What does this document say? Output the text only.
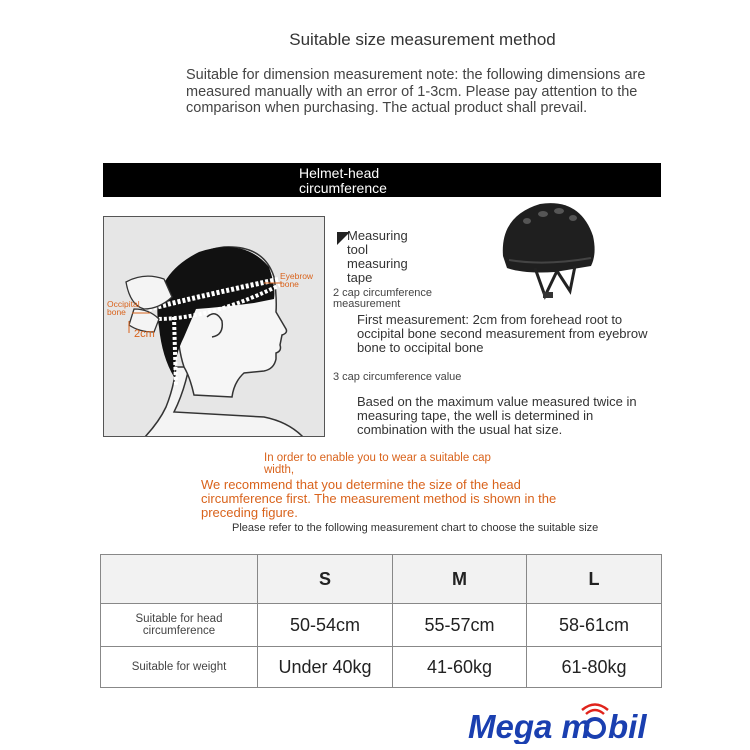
Suitable size measurement method
Suitable for dimension measurement note: the following dimensions are measured manually with an error of 1-3cm. Please pay attention to the comparison when purchasing. The actual product shall prevail.
Helmet-head circumference
Eyebrow bone
Occipital bone
2cm
Measuring tool measuring tape
2 cap circumference measurement
First measurement: 2cm from forehead root to occipital bone second measurement from eyebrow bone to occipital bone
3 cap circumference value
Based on the maximum value measured twice in measuring tape, the well is determined in combination with the usual hat size.
In order to enable you to wear a suitable cap width,
We recommend that you determine the size of the head circumference first. The measurement method is shown in the preceding figure.
Please refer to the following measurement chart to choose the suitable size
	S	M	L
Suitable for head circumference	50-54cm	55-57cm	58-61cm
Suitable for weight	Under 40kg	41-60kg	61-80kg
Mega m bil
